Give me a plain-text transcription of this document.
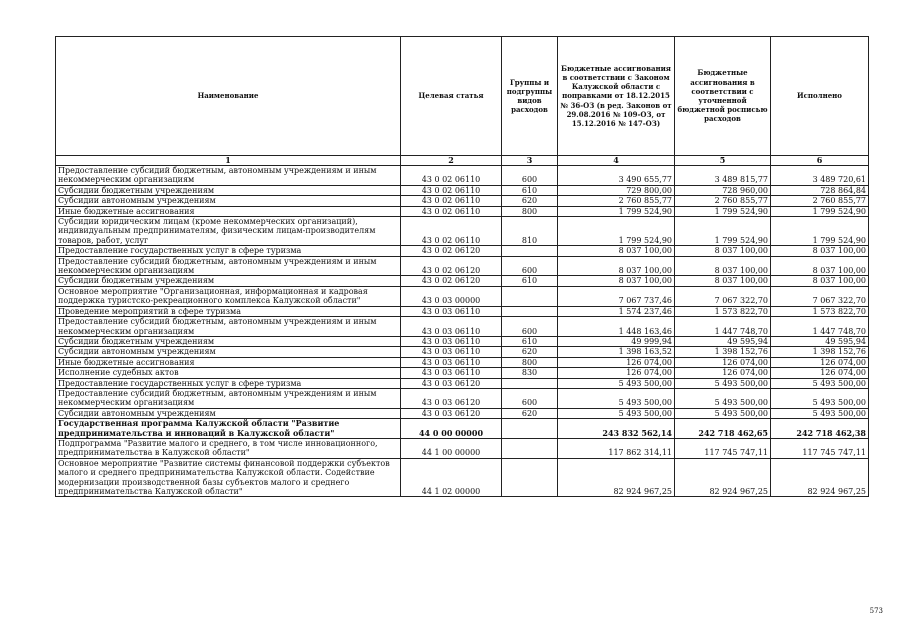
Наименование	Целевая статья	Группы и подгруппы видов расходов	Бюджетные ассигнования в соответствии с Законом Калужской области с поправками от 18.12.2015 № 36-ОЗ (в ред. Законов от 29.08.2016 № 109-ОЗ, от 15.12.2016 № 147-ОЗ)	Бюджетные ассигнования в соответствии с уточненной бюджетной росписью расходов	Исполнено
1	2	3	4	5	6
Предоставление субсидий бюджетным, автономным учреждениям и иным некоммерческим организациям	43 0 02 06110	600	3 490 655,77	3 489 815,77	3 489 720,61
Субсидии бюджетным учреждениям	43 0 02 06110	610	729 800,00	728 960,00	728 864,84
Субсидии автономным учреждениям	43 0 02 06110	620	2 760 855,77	2 760 855,77	2 760 855,77
Иные бюджетные ассигнования	43 0 02 06110	800	1 799 524,90	1 799 524,90	1 799 524,90
Субсидии юридическим лицам (кроме некоммерческих организаций), индивидуальным предпринимателям, физическим лицам-производителям товаров, работ, услуг	43 0 02 06110	810	1 799 524,90	1 799 524,90	1 799 524,90
Предоставление государственных услуг в сфере туризма	43 0 02 06120		8 037 100,00	8 037 100,00	8 037 100,00
Предоставление субсидий бюджетным, автономным учреждениям и иным некоммерческим организациям	43 0 02 06120	600	8 037 100,00	8 037 100,00	8 037 100,00
Субсидии бюджетным учреждениям	43 0 02 06120	610	8 037 100,00	8 037 100,00	8 037 100,00
Основное мероприятие "Организационная, информационная и кадровая поддержка туристско-рекреационного комплекса Калужской области"	43 0 03 00000		7 067 737,46	7 067 322,70	7 067 322,70
Проведение мероприятий в сфере туризма	43 0 03 06110		1 574 237,46	1 573 822,70	1 573 822,70
Предоставление субсидий бюджетным, автономным учреждениям и иным некоммерческим организациям	43 0 03 06110	600	1 448 163,46	1 447 748,70	1 447 748,70
Субсидии бюджетным учреждениям	43 0 03 06110	610	49 999,94	49 595,94	49 595,94
Субсидии автономным учреждениям	43 0 03 06110	620	1 398 163,52	1 398 152,76	1 398 152,76
Иные бюджетные ассигнования	43 0 03 06110	800	126 074,00	126 074,00	126 074,00
Исполнение судебных актов	43 0 03 06110	830	126 074,00	126 074,00	126 074,00
Предоставление государственных услуг в сфере туризма	43 0 03 06120		5 493 500,00	5 493 500,00	5 493 500,00
Предоставление субсидий бюджетным, автономным учреждениям и иным некоммерческим организациям	43 0 03 06120	600	5 493 500,00	5 493 500,00	5 493 500,00
Субсидии автономным учреждениям	43 0 03 06120	620	5 493 500,00	5 493 500,00	5 493 500,00
Государственная программа Калужской области "Развитие предпринимательства и инноваций в Калужской области"	44 0 00 00000		243 832 562,14	242 718 462,65	242 718 462,38
Подпрограмма "Развитие малого и среднего, в том числе инновационного, предпринимательства в Калужской области"	44 1 00 00000		117 862 314,11	117 745 747,11	117 745 747,11
Основное мероприятие "Развитие системы финансовой поддержки субъектов малого и среднего предпринимательства Калужской области. Содействие модернизации производственной базы субъектов малого и среднего предпринимательства Калужской области"	44 1 02 00000		82 924 967,25	82 924 967,25	82 924 967,25
573
